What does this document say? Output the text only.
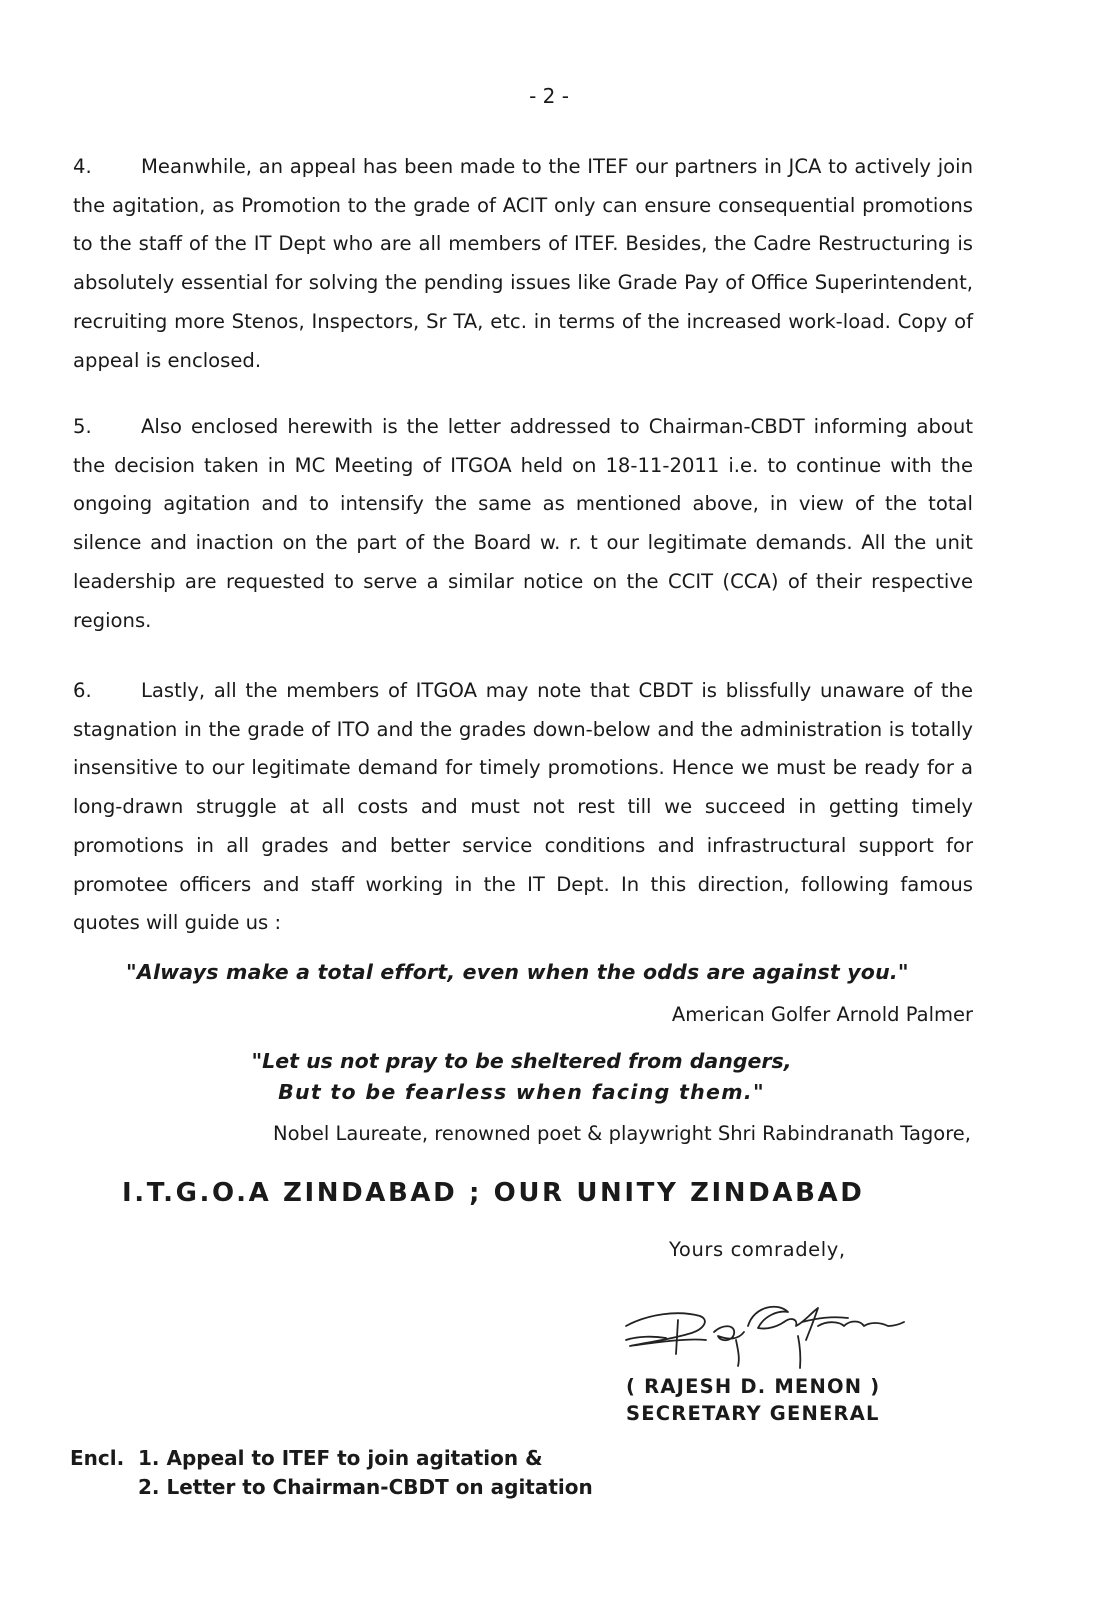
- 2 -
4.	Meanwhile, an appeal has been made to the ITEF our partners in JCA to actively join the agitation, as Promotion to the grade of ACIT only can ensure consequential promotions to the staff of the IT Dept who are all members of ITEF. Besides, the Cadre Restructuring is absolutely essential for solving the pending issues like Grade Pay of Office Superintendent, recruiting more Stenos, Inspectors, Sr TA, etc. in terms of the increased work-load. Copy of appeal is enclosed.
5.	Also enclosed herewith is the letter addressed to Chairman-CBDT informing about the decision taken in MC Meeting of ITGOA held on 18-11-2011 i.e. to continue with the ongoing agitation and to intensify the same as mentioned above, in view of the total silence and inaction on the part of the Board w. r. t our legitimate demands. All the unit leadership are requested to serve a similar notice on the CCIT (CCA) of their respective regions.
6.	Lastly, all the members of ITGOA may note that CBDT is blissfully unaware of the stagnation in the grade of ITO and the grades down-below and the administration is totally insensitive to our legitimate demand for timely promotions. Hence we must be ready for a long-drawn struggle at all costs and must not rest till we succeed in getting timely promotions in all grades and better service conditions and infrastructural support for promotee officers and staff working in the IT Dept. In this direction, following famous quotes will guide us :
"Always make a total effort, even when the odds are against you."
American Golfer Arnold Palmer
"Let us not pray to be sheltered from dangers,
But to be fearless when facing them."
Nobel Laureate, renowned poet & playwright Shri Rabindranath Tagore,
I.T.G.O.A ZINDABAD ; OUR UNITY ZINDABAD
Yours comradely,
( RAJESH D. MENON )
SECRETARY GENERAL
Encl. 1. Appeal to ITEF to join agitation &
2. Letter to Chairman-CBDT on agitation
